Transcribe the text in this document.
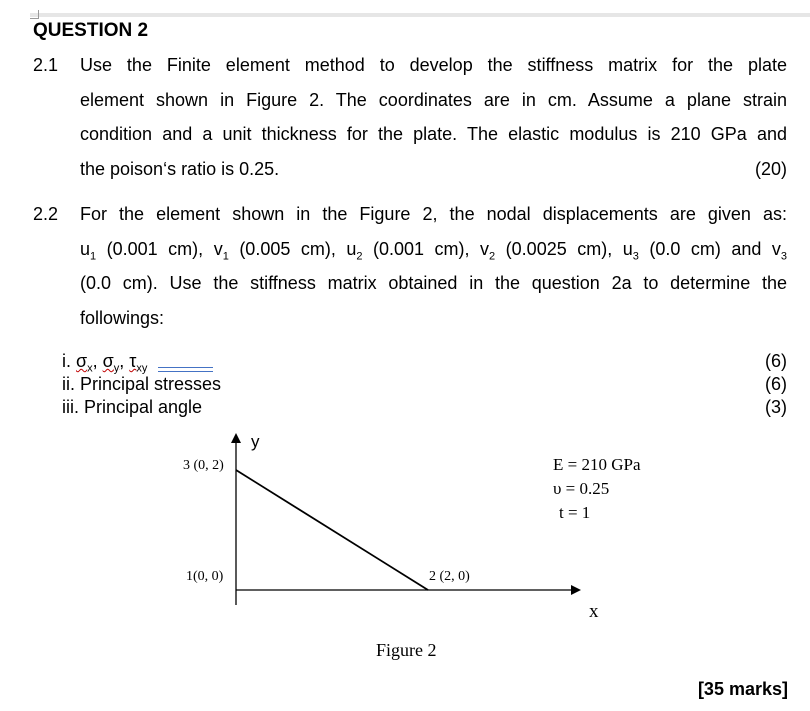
QUESTION 2
2.1 Use the Finite element method to develop the stiffness matrix for the plate
element shown in Figure 2. The coordinates are in cm. Assume a plane strain
condition and a unit thickness for the plate. The elastic modulus is 210 GPa and
the poison‘s ratio is 0.25.	(20)
2.2 For the element shown in the Figure 2, the nodal displacements are given as:
$u_1$ (0.001 cm), $v_1$ (0.005 cm), $u_2$ (0.001 cm), $v_2$ (0.0025 cm), $u_3$ (0.0 cm) and $v_3$
(0.0 cm). Use the stiffness matrix obtained in the question 2a to determine the
followings:
i. $\sigma_x$, $\sigma_y$, $\tau_{xy}$	(6)
ii. Principal stresses	(6)
iii. Principal angle	(3)
y
x
3 (0, 2)
1(0, 0)	2 (2, 0)
E = 210 GPa
υ = 0.25
t = 1
Figure 2
[35 marks]
